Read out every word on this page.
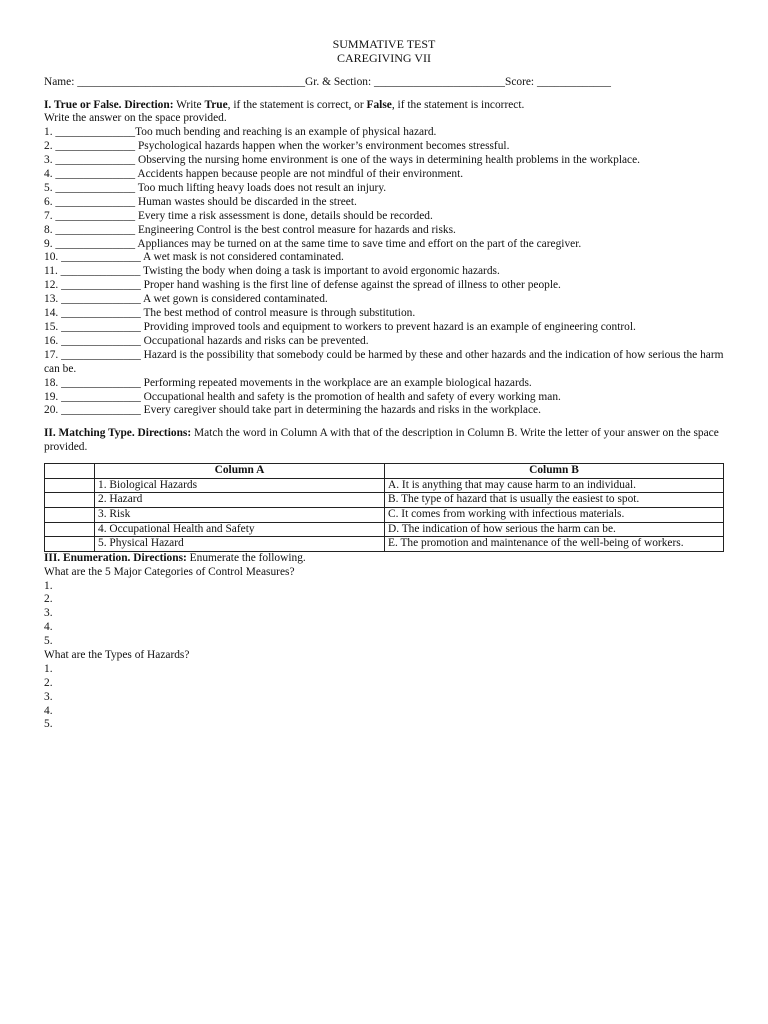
SUMMATIVE TEST
CAREGIVING VII
Name: ________________________________________ Gr. & Section: _______________________ Score: _____________
I. True or False. Direction: Write True, if the statement is correct, or False, if the statement is incorrect.
Write the answer on the space provided.
1. ______________Too much bending and reaching is an example of physical hazard.
2. ______________ Psychological hazards happen when the worker’s environment becomes stressful.
3. ______________ Observing the nursing home environment is one of the ways in determining health problems in the workplace.
4. ______________ Accidents happen because people are not mindful of their environment.
5. ______________ Too much lifting heavy loads does not result an injury.
6. ______________ Human wastes should be discarded in the street.
7. ______________ Every time a risk assessment is done, details should be recorded.
8. ______________ Engineering Control is the best control measure for hazards and risks.
9. ______________ Appliances may be turned on at the same time to save time and effort on the part of the caregiver.
10. ______________ A wet mask is not considered contaminated.
11. ______________ Twisting the body when doing a task is important to avoid ergonomic hazards.
12. ______________ Proper hand washing is the first line of defense against the spread of illness to other people.
13. ______________ A wet gown is considered contaminated.
14. ______________ The best method of control measure is through substitution.
15. ______________ Providing improved tools and equipment to workers to prevent hazard is an example of engineering control.
16. ______________ Occupational hazards and risks can be prevented.
17. ______________ Hazard is the possibility that somebody could be harmed by these and other hazards and the indication of how serious the harm can be.
18. ______________ Performing repeated movements in the workplace are an example biological hazards.
19. ______________ Occupational health and safety is the promotion of health and safety of every working man.
20. ______________ Every caregiver should take part in determining the hazards and risks in the workplace.
II. Matching Type. Directions: Match the word in Column A with that of the description in Column B. Write the letter of your answer on the space provided.
	Column A	Column B
	1. Biological Hazards	A. It is anything that may cause harm to an individual.
	2. Hazard	B. The type of hazard that is usually the easiest to spot.
	3. Risk	C. It comes from working with infectious materials.
	4. Occupational Health and Safety	D. The indication of how serious the harm can be.
	5. Physical Hazard	E. The promotion and maintenance of the well-being of workers.
III. Enumeration. Directions: Enumerate the following.
What are the 5 Major Categories of Control Measures?
1.
2.
3.
4.
5.
What are the Types of Hazards?
1.
2.
3.
4.
5.
